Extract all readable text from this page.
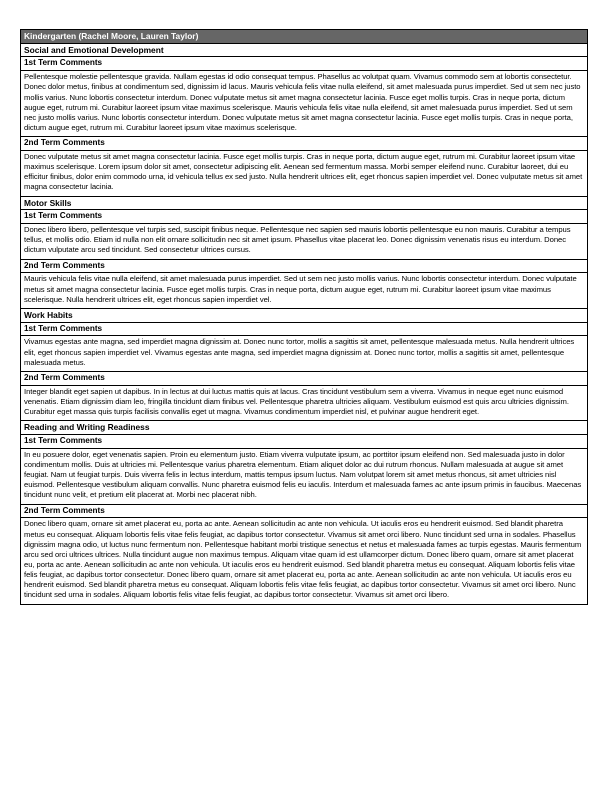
Kindergarten (Rachel Moore, Lauren Taylor)
Social and Emotional Development
1st Term Comments
Pellentesque molestie pellentesque gravida. Nullam egestas id odio consequat tempus. Phasellus ac volutpat quam. Vivamus commodo sem at lobortis consectetur. Donec dolor metus, finibus at condimentum sed, dignissim id lacus. Mauris vehicula felis vitae nulla eleifend, sit amet malesuada purus imperdiet. Sed ut sem nec justo mollis varius. Nunc lobortis consectetur interdum. Donec vulputate metus sit amet magna consectetur lacinia. Fusce eget mollis turpis. Cras in neque porta, dictum augue eget, rutrum mi. Curabitur laoreet ipsum vitae maximus scelerisque. Mauris vehicula felis vitae nulla eleifend, sit amet malesuada purus imperdiet. Sed ut sem nec justo mollis varius. Nunc lobortis consectetur interdum. Donec vulputate metus sit amet magna consectetur lacinia. Fusce eget mollis turpis. Cras in neque porta, dictum augue eget, rutrum mi. Curabitur laoreet ipsum vitae maximus scelerisque.
2nd Term Comments
Donec vulputate metus sit amet magna consectetur lacinia. Fusce eget mollis turpis. Cras in neque porta, dictum augue eget, rutrum mi. Curabitur laoreet ipsum vitae maximus scelerisque. Lorem ipsum dolor sit amet, consectetur adipiscing elit. Aenean sed fermentum massa. Morbi semper eleifend nunc. Curabitur laoreet, dui eu efficitur finibus, dolor enim commodo urna, id vehicula tellus ex sed justo. Nulla hendrerit ultrices elit, eget rhoncus sapien imperdiet vel. Donec vulputate metus sit amet magna consectetur lacinia.
Motor Skills
1st Term Comments
Donec libero libero, pellentesque vel turpis sed, suscipit finibus neque. Pellentesque nec sapien sed mauris lobortis pellentesque eu non mauris. Curabitur a tempus tellus, et mollis odio. Etiam id nulla non elit ornare sollicitudin nec sit amet ipsum. Phasellus vitae placerat leo. Donec dignissim venenatis risus eu interdum. Donec dictum vulputate arcu sed tincidunt. Sed consectetur ultrices cursus.
2nd Term Comments
Mauris vehicula felis vitae nulla eleifend, sit amet malesuada purus imperdiet. Sed ut sem nec justo mollis varius. Nunc lobortis consectetur interdum. Donec vulputate metus sit amet magna consectetur lacinia. Fusce eget mollis turpis. Cras in neque porta, dictum augue eget, rutrum mi. Curabitur laoreet ipsum vitae maximus scelerisque. Nulla hendrerit ultrices elit, eget rhoncus sapien imperdiet vel.
Work Habits
1st Term Comments
Vivamus egestas ante magna, sed imperdiet magna dignissim at. Donec nunc tortor, mollis a sagittis sit amet, pellentesque malesuada metus. Nulla hendrerit ultrices elit, eget rhoncus sapien imperdiet vel. Vivamus egestas ante magna, sed imperdiet magna dignissim at. Donec nunc tortor, mollis a sagittis sit amet, pellentesque malesuada metus.
2nd Term Comments
Integer blandit eget sapien ut dapibus. In in lectus at dui luctus mattis quis at lacus. Cras tincidunt vestibulum sem a viverra. Vivamus in neque eget nunc euismod venenatis. Etiam dignissim diam leo, fringilla tincidunt diam finibus vel. Pellentesque pharetra ultricies aliquam. Vestibulum euismod est quis arcu ultricies dignissim. Curabitur eget massa quis turpis facilisis convallis eget ut magna. Vivamus condimentum imperdiet nisl, et pulvinar augue hendrerit eget.
Reading and Writing Readiness
1st Term Comments
In eu posuere dolor, eget venenatis sapien. Proin eu elementum justo. Etiam viverra vulputate ipsum, ac porttitor ipsum eleifend non. Sed malesuada justo in dolor condimentum mollis. Duis at ultricies mi. Pellentesque varius pharetra elementum. Etiam aliquet dolor ac dui rutrum rhoncus. Nullam malesuada at augue sit amet feugiat. Nam ut feugiat turpis. Duis viverra felis in lectus interdum, mattis tempus ipsum luctus. Nam volutpat lorem sit amet metus rhoncus, sit amet ultricies nisl euismod. Pellentesque vestibulum aliquam convallis. Nunc pharetra euismod felis eu iaculis. Interdum et malesuada fames ac ante ipsum primis in faucibus. Maecenas tincidunt nunc velit, et pretium elit placerat at. Morbi nec placerat nibh.
2nd Term Comments
Donec libero quam, ornare sit amet placerat eu, porta ac ante. Aenean sollicitudin ac ante non vehicula. Ut iaculis eros eu hendrerit euismod. Sed blandit pharetra metus eu consequat. Aliquam lobortis felis vitae felis feugiat, ac dapibus tortor consectetur. Vivamus sit amet orci libero. Nunc tincidunt sed urna in sodales. Phasellus dignissim magna odio, ut luctus nunc fermentum non. Pellentesque habitant morbi tristique senectus et netus et malesuada fames ac turpis egestas. Mauris fermentum arcu sed orci ultrices ultrices. Nulla tincidunt augue non maximus tempus. Aliquam vitae quam id est ullamcorper dictum. Donec libero quam, ornare sit amet placerat eu, porta ac ante. Aenean sollicitudin ac ante non vehicula. Ut iaculis eros eu hendrerit euismod. Sed blandit pharetra metus eu consequat. Aliquam lobortis felis vitae felis feugiat, ac dapibus tortor consectetur. Donec libero quam, ornare sit amet placerat eu, porta ac ante. Aenean sollicitudin ac ante non vehicula. Ut iaculis eros eu hendrerit euismod. Sed blandit pharetra metus eu consequat. Aliquam lobortis felis vitae felis feugiat, ac dapibus tortor consectetur. Vivamus sit amet orci libero. Nunc tincidunt sed urna in sodales. Aliquam lobortis felis vitae felis feugiat, ac dapibus tortor consectetur. Vivamus sit amet orci libero.
